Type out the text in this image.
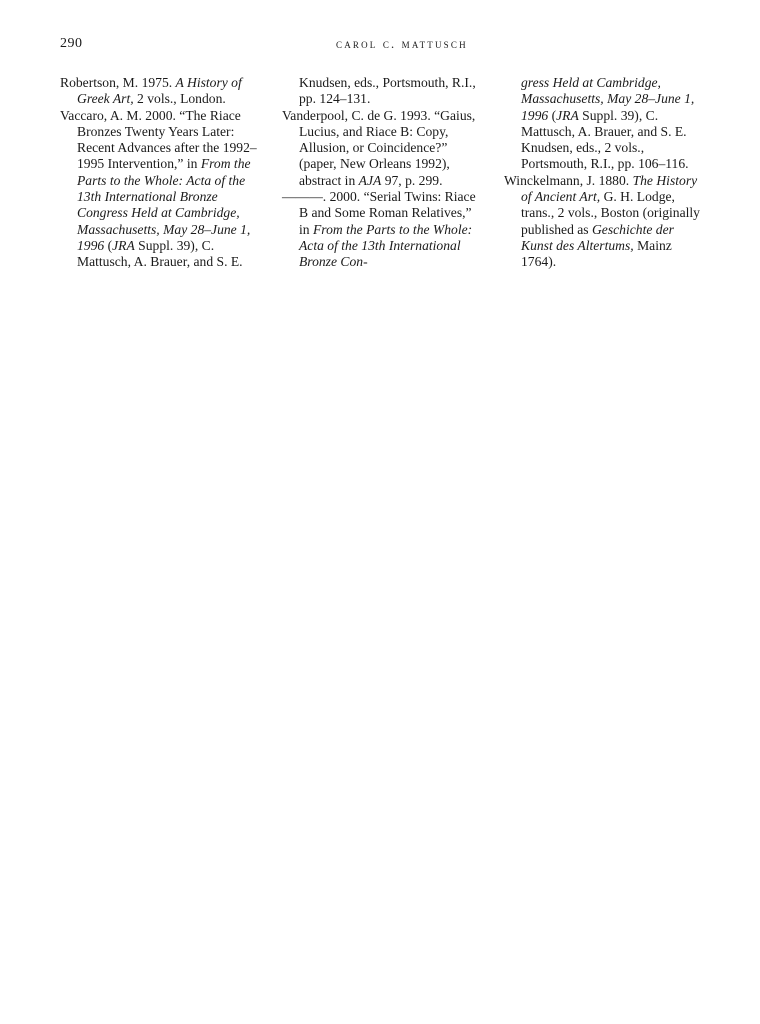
290	carol c. mattusch

Robertson, M. 1975. A History of Greek Art, 2 vols., London.

Vaccaro, A. M. 2000. “The Riace Bronzes Twenty Years Later: Recent Advances after the 1992–1995 Intervention,” in From the Parts to the Whole: Acta of the 13th International Bronze Congress Held at Cambridge, Massachusetts, May 28–June 1, 1996 (JRA Suppl. 39), C. Mattusch, A. Brauer, and S. E.

Knudsen, eds., Portsmouth, R.I., pp. 124–131.

Vanderpool, C. de G. 1993. “Gaius, Lucius, and Riace B: Copy, Allusion, or Coincidence?” (paper, New Orleans 1992), abstract in AJA 97, p. 299.

———. 2000. “Serial Twins: Riace B and Some Roman Relatives,” in From the Parts to the Whole: Acta of the 13th International Bronze Con-

gress Held at Cambridge, Massachusetts, May 28–June 1, 1996 (JRA Suppl. 39), C. Mattusch, A. Brauer, and S. E. Knudsen, eds., 2 vols., Portsmouth, R.I., pp. 106–116.

Winckelmann, J. 1880. The History of Ancient Art, G. H. Lodge, trans., 2 vols., Boston (originally published as Geschichte der Kunst des Altertums, Mainz 1764).
